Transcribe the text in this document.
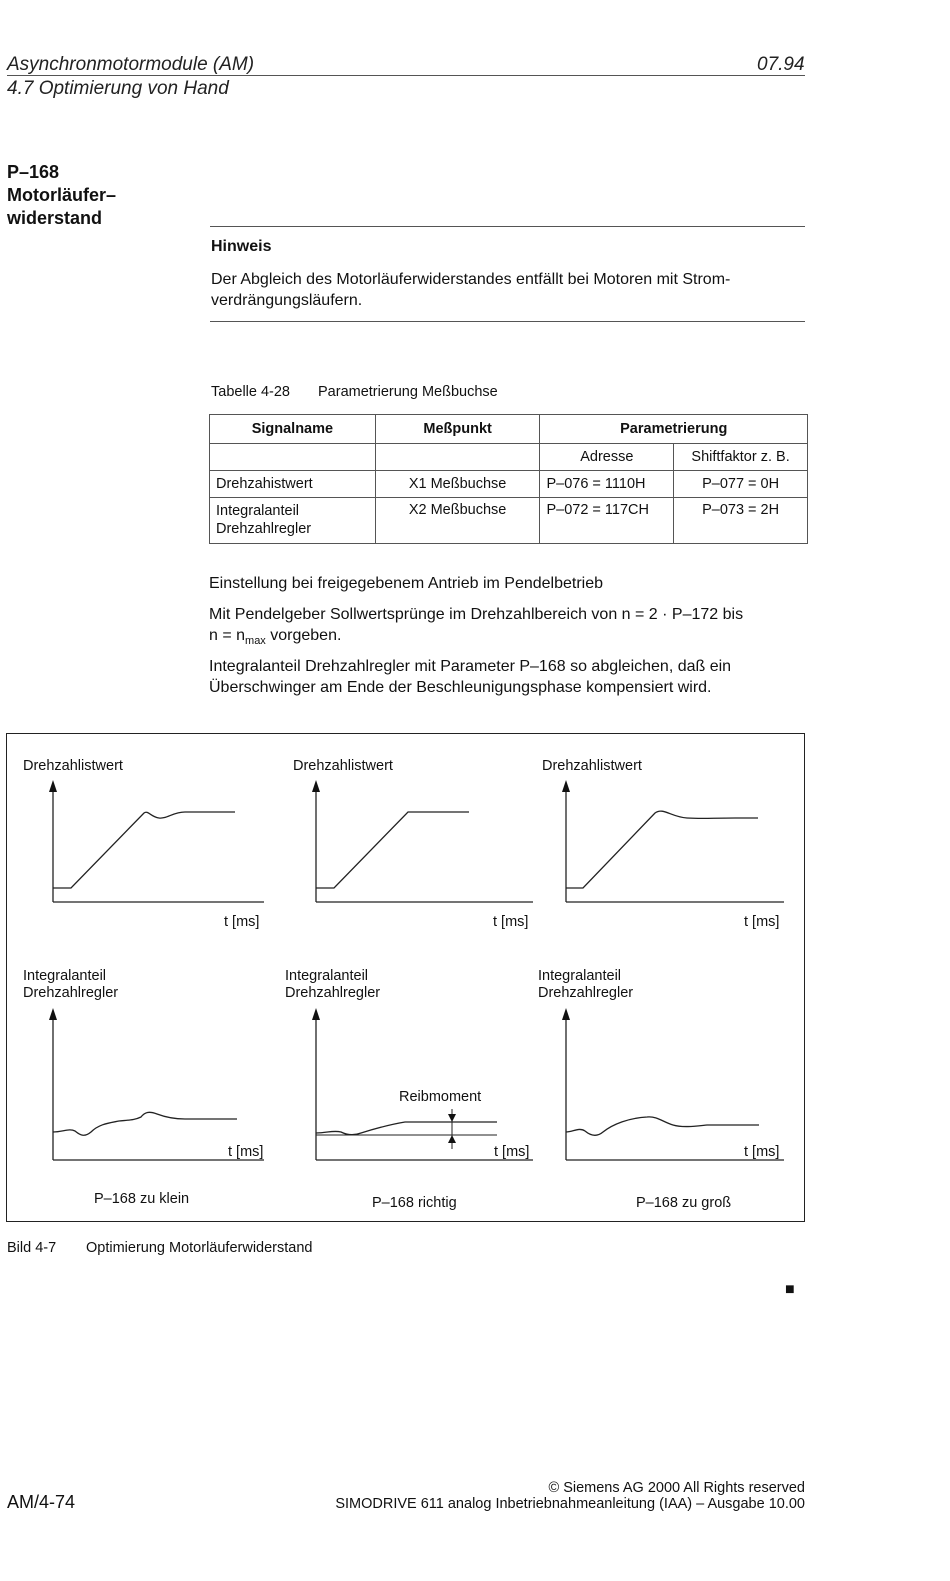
Asynchronmotormodule (AM)	07.94
4.7 Optimierung von Hand
P–168
Motorläufer–
widerstand
Hinweis
Der Abgleich des Motorläuferwiderstandes entfällt bei Motoren mit Strom-
verdrängungsläufern.
Tabelle 4-28 Parametrierung Meßbuchse
Signalname	Meßpunkt	Parametrierung	
		Adresse	Shiftfaktor z. B.
Drehzahistwert	X1 Meßbuchse	P–076 = 1110H	P–077 = 0H

Integralanteil
Drehzahlregler	X2 Meßbuchse	P–072 = 117CH	P–073 = 2H
Einstellung bei freigegebenem Antrieb im Pendelbetrieb
Mit Pendelgeber Sollwertsprünge im Drehzahlbereich von n = 2 · P–172 bis
$n = n_{max}$ vorgeben.
Integralanteil Drehzahlregler mit Parameter P–168 so abgleichen, daß ein
Überschwinger am Ende der Beschleunigungsphase kompensiert wird.
Drehzahlistwert	Drehzahlistwert	Drehzahlistwert
t [ms]	t [ms]	t [ms]
Integralanteil
Drehzahlregler
Integralanteil
Drehzahlregler
Integralanteil
Drehzahlregler
Reibmoment
t [ms]	t [ms]	t [ms]
P–168 zu klein	P–168 richtig	P–168 zu groß
Bild 4-7 Optimierung Motorläuferwiderstand
■
© Siemens AG 2000 All Rights reserved
SIMODRIVE 611 analog Inbetriebnahmeanleitung (IAA) – Ausgabe 10.00
AM/4-74
